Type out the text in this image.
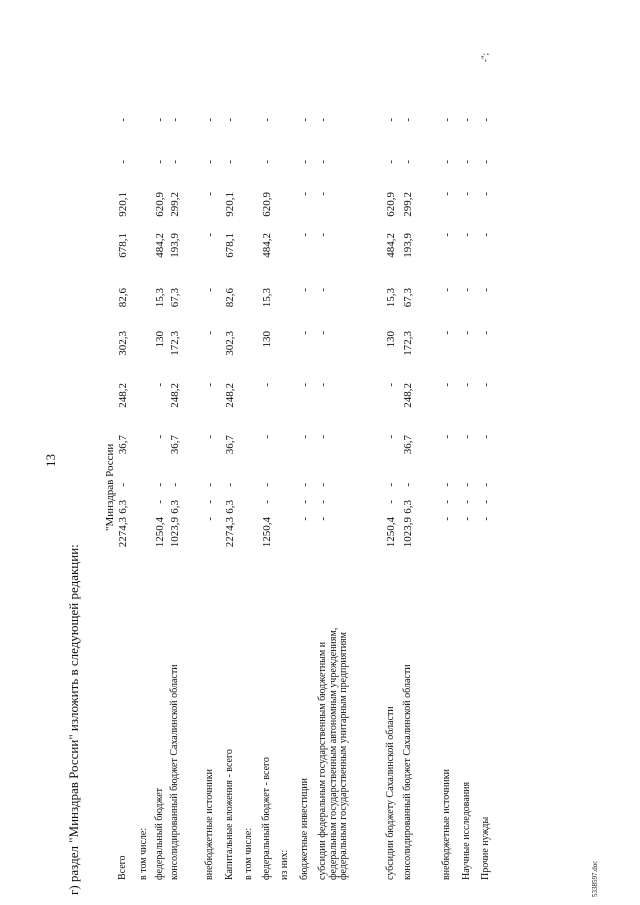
13
г) раздел "Минздрав России" изложить в следующей редакции:
"Минздрав России
Всего
2274,3
6,3
-
36,7
248,2
302,3
82,6
678,1
920,1
-
-
в том числе: федеральный бюджет
1250,4
-
-
-
-
130
15,3
484,2
620,9
-
-
консолидированный бюджет Сахалинской области
1023,9
6,3
-
36,7
248,2
172,3
67,3
193,9
299,2
-
-
внебюджетные источники
-
-
-
-
-
-
-
-
-
-
-
Капитальные вложения - всего
2274,3
6,3
-
36,7
248,2
302,3
82,6
678,1
920,1
-
-
в том числе: федеральный бюджет - всего
1250,4
-
-
-
-
130
15,3
484,2
620,9
-
-
из них: бюджетные инвестиции
-
-
-
-
-
-
-
-
-
-
-
субсидии федеральным государственным бюджетным и федеральным государственным автономным учреждениям, федеральным государственным унитарным предприятиям
-
-
-
-
-
-
-
-
-
-
-
субсидии бюджету Сахалинской области
1250,4
-
-
-
-
130
15,3
484,2
620,9
-
-
консолидированный бюджет Сахалинской области
1023,9
6,3
-
36,7
248,2
172,3
67,3
193,9
299,2
-
-
внебюджетные источники
-
-
-
-
-
-
-
-
-
-
-
Научные исследования
-
-
-
-
-
-
-
-
-
-
-
Прочие нужды
-
-
-
-
-
-
-
-
-
-
-
-";
5338597.doc
